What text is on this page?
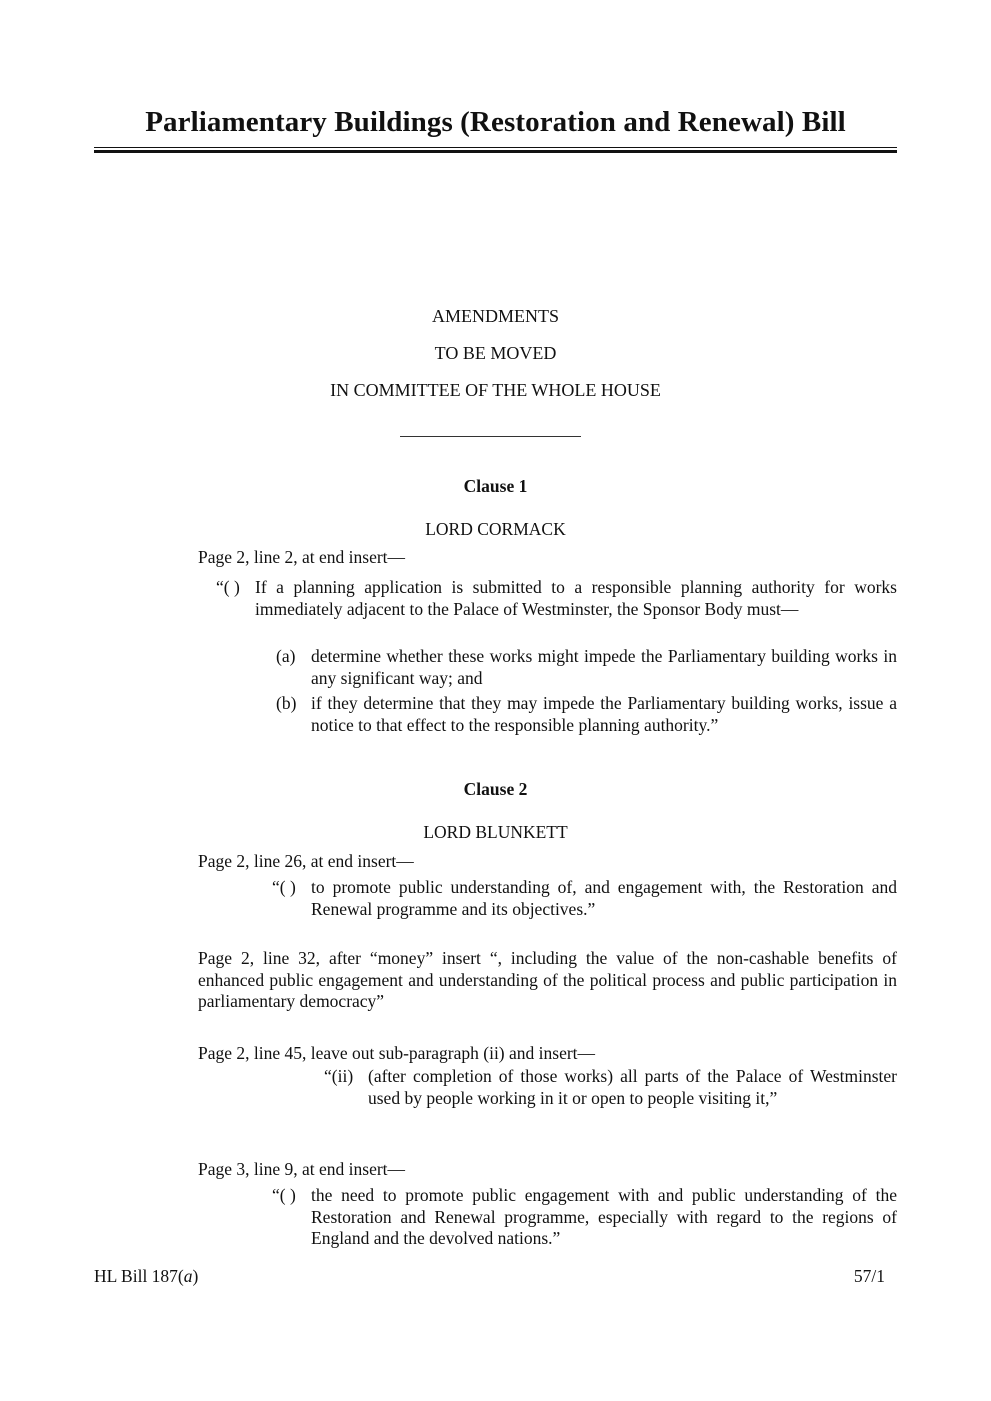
Parliamentary Buildings (Restoration and Renewal) Bill
AMENDMENTS
TO BE MOVED
IN COMMITTEE OF THE WHOLE HOUSE
Clause 1
LORD CORMACK
Page 2, line 2, at end insert—
“( ) If a planning application is submitted to a responsible planning authority for works immediately adjacent to the Palace of Westminster, the Sponsor Body must—
(a) determine whether these works might impede the Parliamentary building works in any significant way; and
(b) if they determine that they may impede the Parliamentary building works, issue a notice to that effect to the responsible planning authority.”
Clause 2
LORD BLUNKETT
Page 2, line 26, at end insert—
“( ) to promote public understanding of, and engagement with, the Restoration and Renewal programme and its objectives.”
Page 2, line 32, after “money” insert “, including the value of the non-cashable benefits of enhanced public engagement and understanding of the political process and public participation in parliamentary democracy”
Page 2, line 45, leave out sub-paragraph (ii) and insert—
“(ii) (after completion of those works) all parts of the Palace of Westminster used by people working in it or open to people visiting it,”
Page 3, line 9, at end insert—
“( ) the need to promote public engagement with and public understanding of the Restoration and Renewal programme, especially with regard to the regions of England and the devolved nations.”
HL Bill 187(a)	57/1
